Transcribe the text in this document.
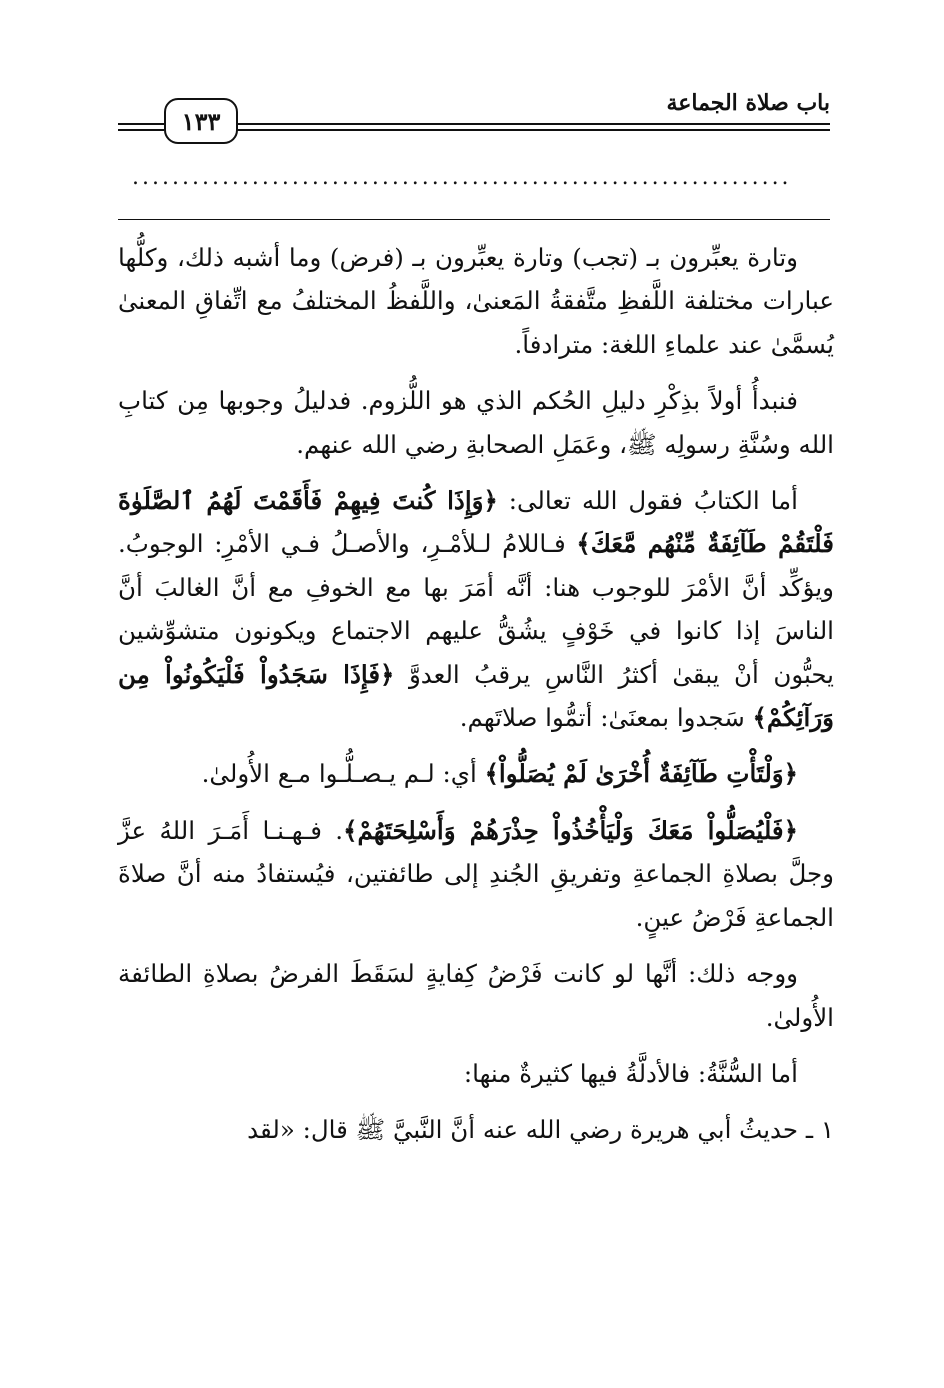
باب صلاة الجماعة
١٣٣
..................................................................

وتارة يعبِّرون بـ (تجب) وتارة يعبِّرون بـ (فرض) وما أشبه ذلك، وكلُّها عبارات مختلفة اللَّفظِ متَّفقةُ المَعنىٰ، واللَّفظُ المختلفُ مع اتِّفاقِ المعنىٰ يُسمَّىٰ عند علماءِ اللغة: مترادفاً.

فنبدأُ أولاً بذِكْرِ دليلِ الحُكم الذي هو اللُّزوم. فدليلُ وجوبها مِن كتابِ الله وسُنَّةِ رسولِه ﷺ، وعَمَلِ الصحابةِ رضي الله عنهم.

أما الكتابُ فقول الله تعالى: ﴿وَإِذَا كُنتَ فِيهِمْ فَأَقَمْتَ لَهُمُ ٱلصَّلَوٰةَ فَلْتَقُمْ طَآئِفَةٌ مِّنْهُم مَّعَكَ﴾ فـاللامُ لـلأمْـرِ، والأصـلُ فـي الأمْرِ: الوجوبُ. ويؤكِّد أنَّ الأمْرَ للوجوب هنا: أنَّه أمَرَ بها مع الخوفِ مع أنَّ الغالبَ أنَّ الناسَ إذا كانوا في خَوْفٍ يشُقُّ عليهم الاجتماع ويكونون متشوِّشين يحبُّون أنْ يبقىٰ أكثرُ النَّاسِ يرقبُ العدوَّ ﴿فَإِذَا سَجَدُواْ فَلْيَكُونُواْ مِن وَرَآئِكُمْ﴾ سَجدوا بمعنَىٰ: أتمُّوا صلاتَهم.

﴿وَلْتَأْتِ طَآئِفَةٌ أُخْرَىٰ لَمْ يُصَلُّواْ﴾ أي: لـم يـصـلُّـوا مـع الأُولىٰ.

﴿فَلْيُصَلُّواْ مَعَكَ وَلْيَأْخُذُواْ حِذْرَهُمْ وَأَسْلِحَتَهُمْ﴾. فـهـنـا أَمَـرَ اللهُ عزَّ وجلَّ بصلاةِ الجماعةِ وتفريقِ الجُندِ إلى طائفتين، فيُستفادُ منه أنَّ صلاةَ الجماعةِ فَرْضُ عينٍ.

ووجه ذلك: أنَّها لو كانت فَرْضُ كِفايةٍ لسَقَطَ الفرضُ بصلاةِ الطائفة الأُولىٰ.

أما السُّنَّةُ: فالأدلَّةُ فيها كثيرةٌ منها:

١ ـ حديثُ أبي هريرة رضي الله عنه أنَّ النَّبيَّ ﷺ قال: «لقد
